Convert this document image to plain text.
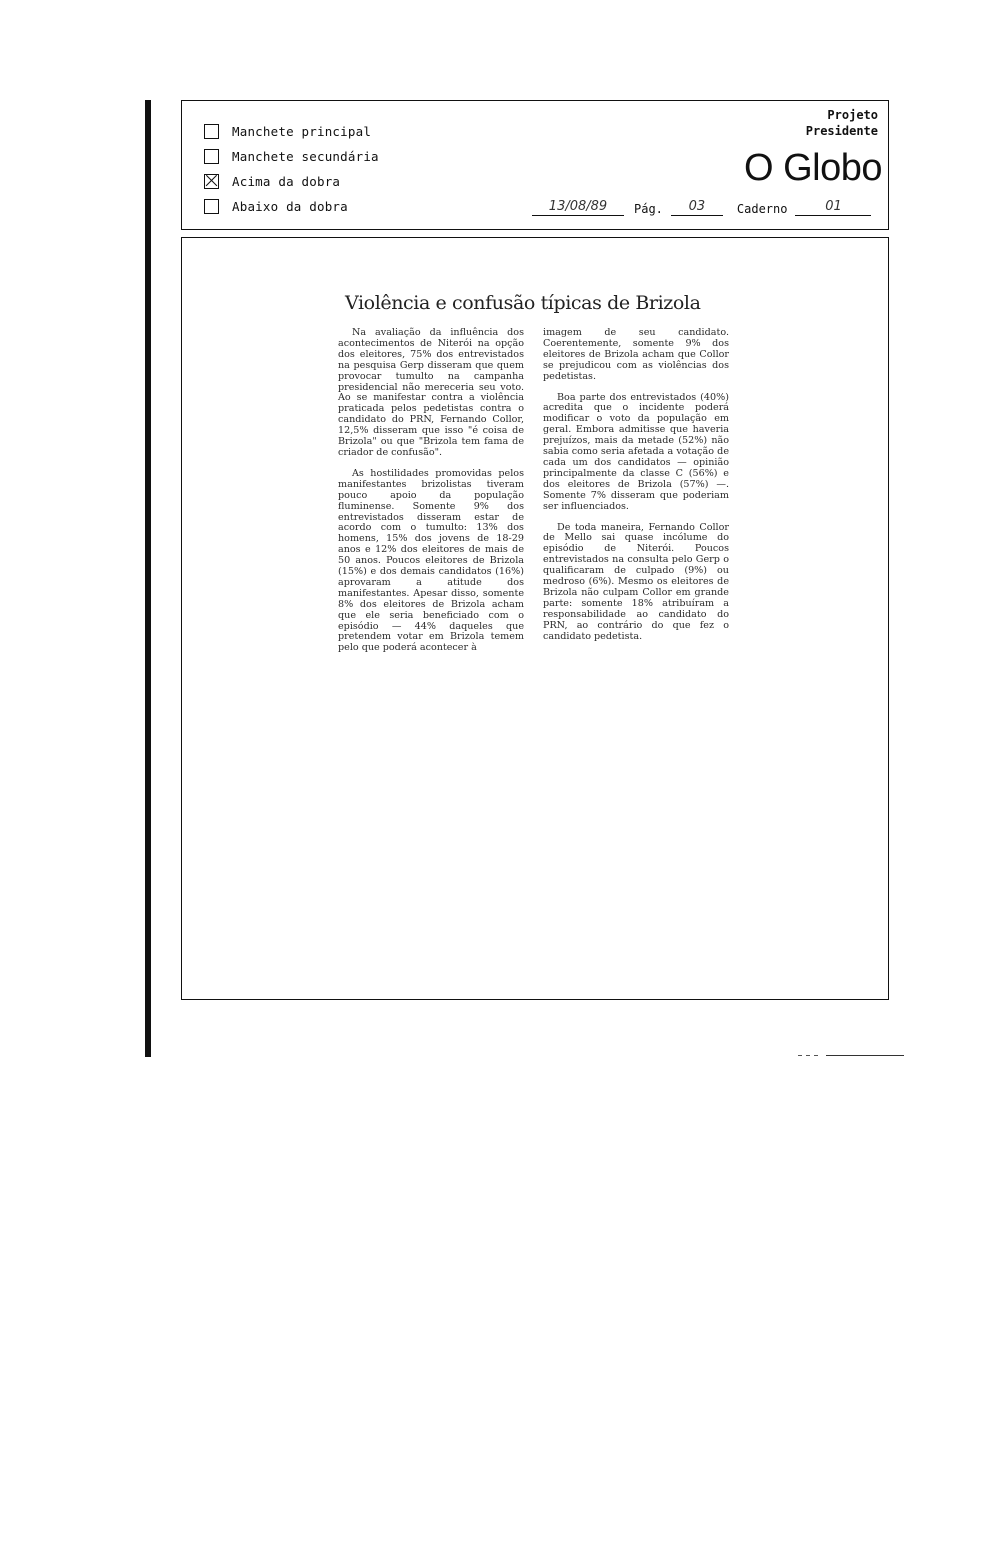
Manchete principal
Manchete secundária
Acima da dobra
Abaixo da dobra
Projeto
Presidente
O Globo
13/08/89	Pág.	03	Caderno	01
Violência e confusão típicas de Brizola

Na avaliação da influência dos acontecimentos de Niterói na opção dos eleitores, 75% dos entrevistados na pesquisa Gerp disseram que quem provocar tumulto na campanha presidencial não mereceria seu voto. Ao se manifestar contra a violência praticada pelos pedetistas contra o candidato do PRN, Fernando Collor, 12,5% disseram que isso "é coisa de Brizola" ou que "Brizola tem fama de criador de confusão".

As hostilidades promovidas pelos manifestantes brizolistas tiveram pouco apoio da população fluminense. Somente 9% dos entrevistados disseram estar de acordo com o tumulto: 13% dos homens, 15% dos jovens de 18-29 anos e 12% dos eleitores de mais de 50 anos. Poucos eleitores de Brizola (15%) e dos demais candidatos (16%) aprovaram a atitude dos manifestantes. Apesar disso, somente 8% dos eleitores de Brizola acham que ele seria beneficiado com o episódio — 44% daqueles que pretendem votar em Brizola temem pelo que poderá acontecer à

imagem de seu candidato. Coerentemente, somente 9% dos eleitores de Brizola acham que Collor se prejudicou com as violências dos pedetistas.

Boa parte dos entrevistados (40%) acredita que o incidente poderá modificar o voto da população em geral. Embora admitisse que haveria prejuízos, mais da metade (52%) não sabia como seria afetada a votação de cada um dos candidatos — opinião principalmente da classe C (56%) e dos eleitores de Brizola (57%) —. Somente 7% disseram que poderiam ser influenciados.

De toda maneira, Fernando Collor de Mello sai quase incólume do episódio de Niterói. Poucos entrevistados na consulta pelo Gerp o qualificaram de culpado (9%) ou medroso (6%). Mesmo os eleitores de Brizola não culpam Collor em grande parte: somente 18% atribuíram a responsabilidade ao candidato do PRN, ao contrário do que fez o candidato pedetista.
